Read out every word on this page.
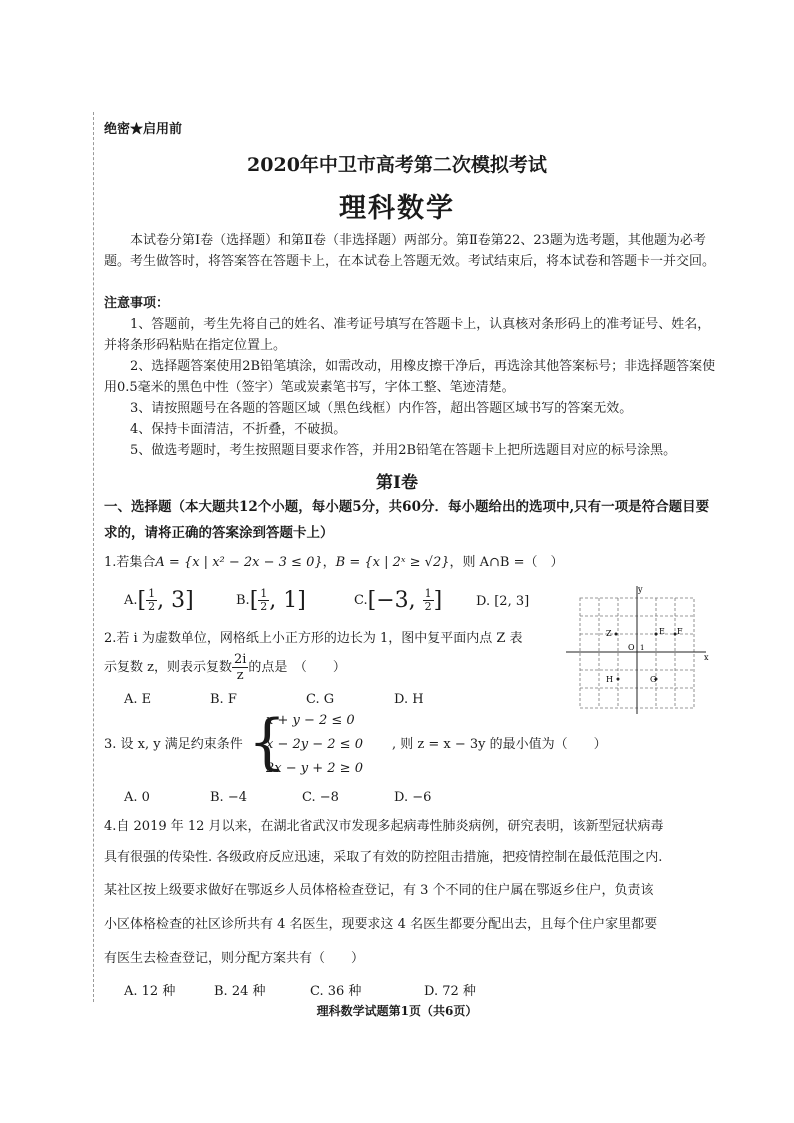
绝密★启用前
2020年中卫市高考第二次模拟考试
理科数学
本试卷分第Ⅰ卷（选择题）和第Ⅱ卷（非选择题）两部分。第Ⅱ卷第22、23题为选考题，其他题为必考题。考生做答时，将答案答在答题卡上，在本试卷上答题无效。考试结束后，将本试卷和答题卡一并交回。
注意事项：
1、答题前，考生先将自己的姓名、准考证号填写在答题卡上，认真核对条形码上的准考证号、姓名，并将条形码粘贴在指定位置上。
2、选择题答案使用2B铅笔填涂，如需改动，用橡皮擦干净后，再选涂其他答案标号；非选择题答案使用0.5毫米的黑色中性（签字）笔或炭素笔书写，字体工整、笔迹清楚。
3、请按照题号在各题的答题区域（黑色线框）内作答，超出答题区域书写的答案无效。
4、保持卡面清洁，不折叠，不破损。
5、做选考题时，考生按照题目要求作答，并用2B铅笔在答题卡上把所选题目对应的标号涂黑。
第Ⅰ卷
一、选择题（本大题共12个小题，每小题5分，共60分．每小题给出的选项中,只有一项是符合题目要求的，请将正确的答案涂到答题卡上）
1.若集合A = {x | x² − 2x − 3 ≤ 0}，B = {x | 2ˣ ≥ √2}，则 A∩B =（　）
$A.[ \frac{1}{2}$ , 3]	$B.[ \frac{1}{2}$ , 1]	C.[−3, $\frac{1}{2}$ ]	D. [2, 3]
2.若 i 为虚数单位，网格纸上小正方形的边长为 1，图中复平面内点 Z 表
示复数 z，则表示复数 $\frac{2i}{z}$ 的点是　（　　）
A. E	B. F	C. G	D. H
y
x
O 1
Z	E F
H	G
3. 设 x, y 满足约束条件 {
x + y − 2 ≤ 0
x − 2y − 2 ≤ 0
2x − y + 2 ≥ 0
, 则 z = x − 3y 的最小值为（　　）
A. 0	B. −4	C. −8	D. −6
4.自 2019 年 12 月以来，在湖北省武汉市发现多起病毒性肺炎病例，研究表明，该新型冠状病毒
具有很强的传染性. 各级政府反应迅速，采取了有效的防控阻击措施，把疫情控制在最低范围之内.
某社区按上级要求做好在鄂返乡人员体格检查登记，有 3 个不同的住户属在鄂返乡住户，负责该
小区体格检查的社区诊所共有 4 名医生，现要求这 4 名医生都要分配出去，且每个住户家里都要
有医生去检查登记，则分配方案共有（　　）
A. 12 种	B. 24 种	C. 36 种	D. 72 种
理科数学试题第1页（共6页）
